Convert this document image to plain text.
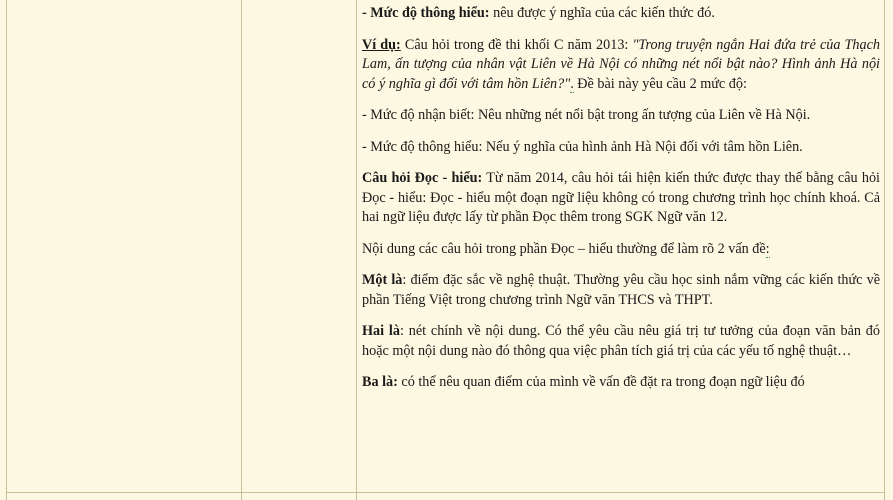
- Mức độ thông hiểu: nêu được ý nghĩa của các kiến thức đó.

Ví dụ: Câu hỏi trong đề thi khối C năm 2013: "Trong truyện ngắn Hai đứa trẻ của Thạch Lam, ấn tượng của nhân vật Liên về Hà Nội có những nét nổi bật nào? Hình ảnh Hà nội có ý nghĩa gì đối với tâm hồn Liên?". Đề bài này yêu cầu 2 mức độ:

- Mức độ nhận biết: Nêu những nét nổi bật trong ấn tượng của Liên về Hà Nội.

- Mức độ thông hiểu: Nếu ý nghĩa của hình ảnh Hà Nội đối với tâm hồn Liên.

Câu hỏi Đọc - hiểu: Từ năm 2014, câu hỏi tái hiện kiến thức được thay thế bằng câu hỏi Đọc - hiểu: Đọc - hiểu một đoạn ngữ liệu không có trong chương trình học chính khoá. Cả hai ngữ liệu được lấy từ phần Đọc thêm trong SGK Ngữ văn 12.

Nội dung các câu hỏi trong phần Đọc – hiểu thường để làm rõ 2 vấn đề:

Một là: điểm đặc sắc về nghệ thuật. Thường yêu cầu học sinh nắm vững các kiến thức về phần Tiếng Việt trong chương trình Ngữ văn THCS và THPT.

Hai là: nét chính về nội dung. Có thể yêu cầu nêu giá trị tư tưởng của đoạn văn bản đó hoặc một nội dung nào đó thông qua việc phân tích giá trị của các yếu tố nghệ thuật…

Ba là: có thể nêu quan điểm của mình về vấn đề đặt ra trong đoạn ngữ liệu đó
